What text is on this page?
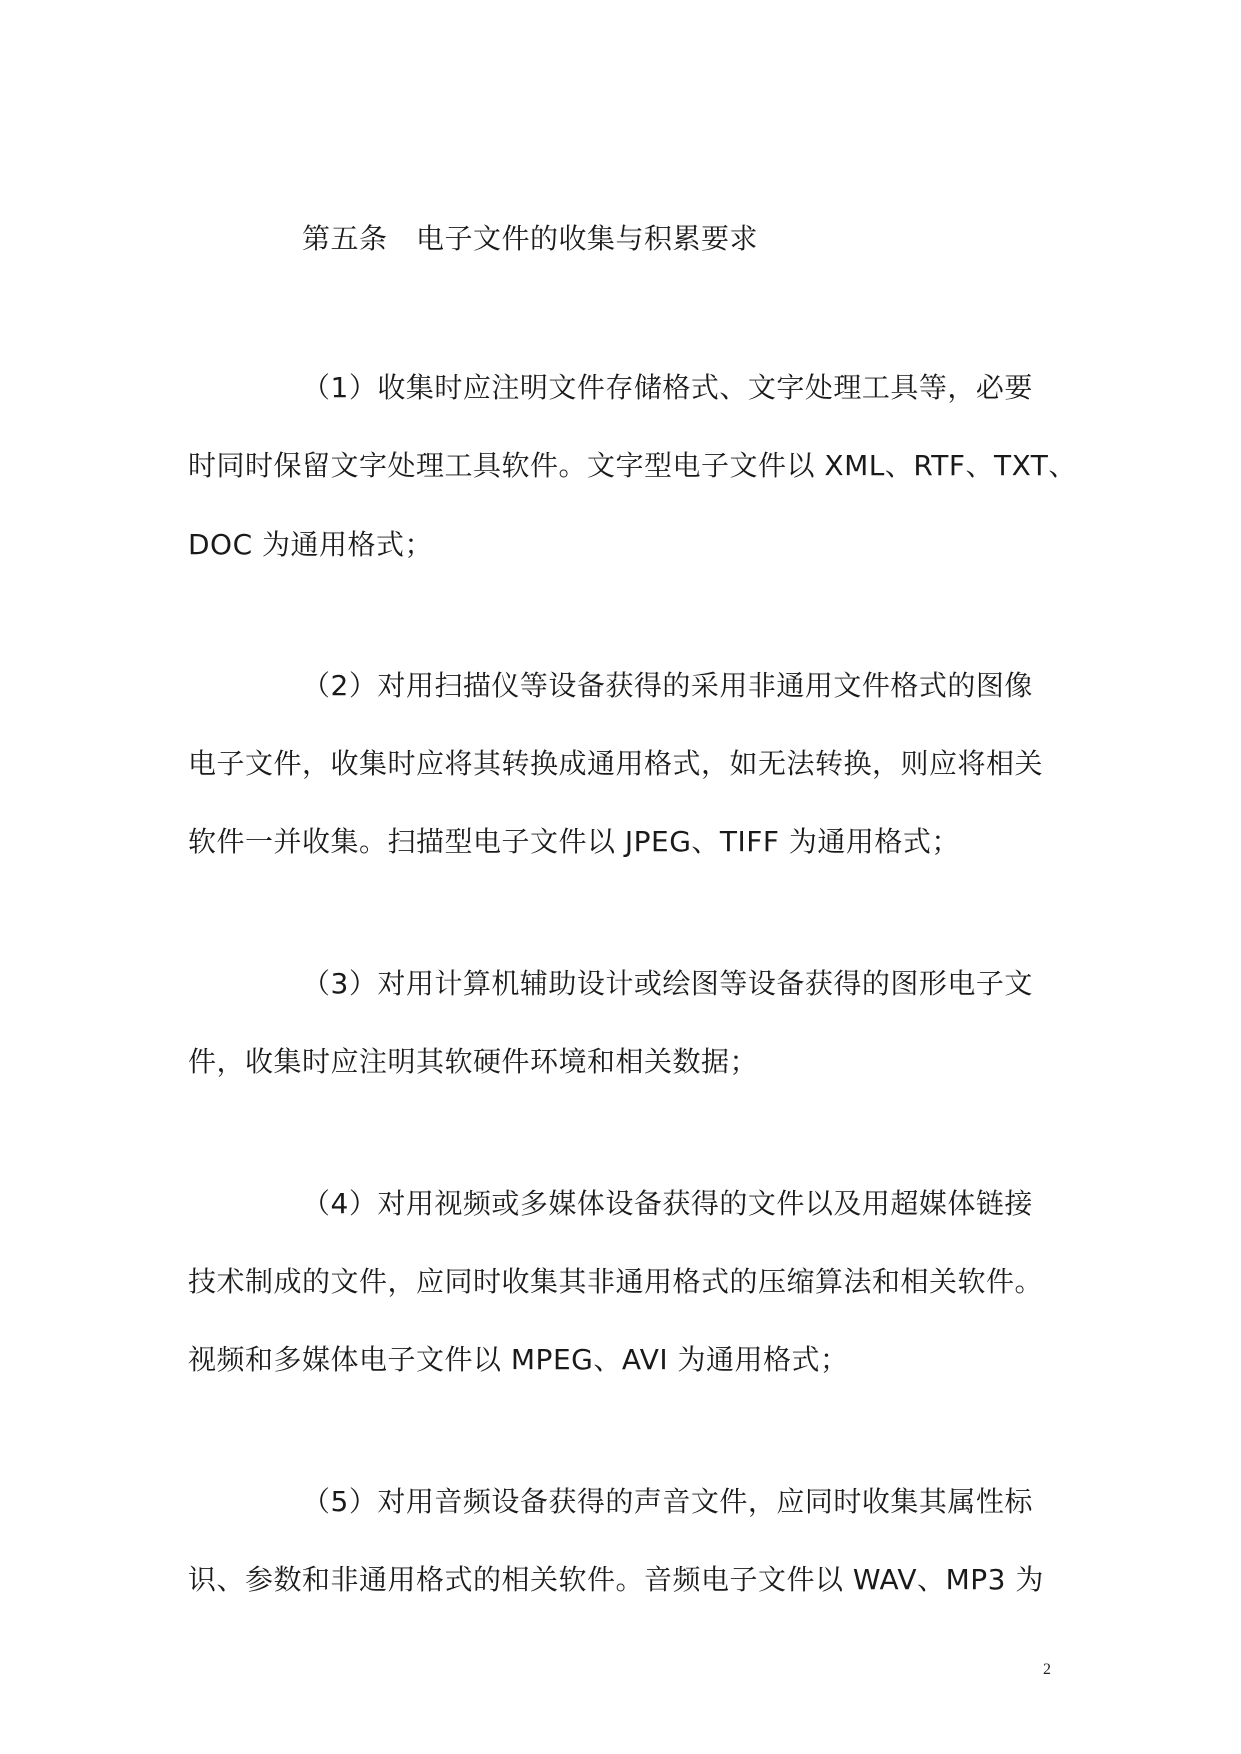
第五条　电子文件的收集与积累要求
（1）收集时应注明文件存储格式、文字处理工具等，必要
时同时保留文字处理工具软件。文字型电子文件以 XML、RTF、TXT、
DOC 为通用格式；
（2）对用扫描仪等设备获得的采用非通用文件格式的图像
电子文件，收集时应将其转换成通用格式，如无法转换，则应将相关
软件一并收集。扫描型电子文件以 JPEG、TIFF 为通用格式；
（3）对用计算机辅助设计或绘图等设备获得的图形电子文
件，收集时应注明其软硬件环境和相关数据；
（4）对用视频或多媒体设备获得的文件以及用超媒体链接
技术制成的文件，应同时收集其非通用格式的压缩算法和相关软件。
视频和多媒体电子文件以 MPEG、AVI 为通用格式；
（5）对用音频设备获得的声音文件，应同时收集其属性标
识、参数和非通用格式的相关软件。音频电子文件以 WAV、MP3 为
2
